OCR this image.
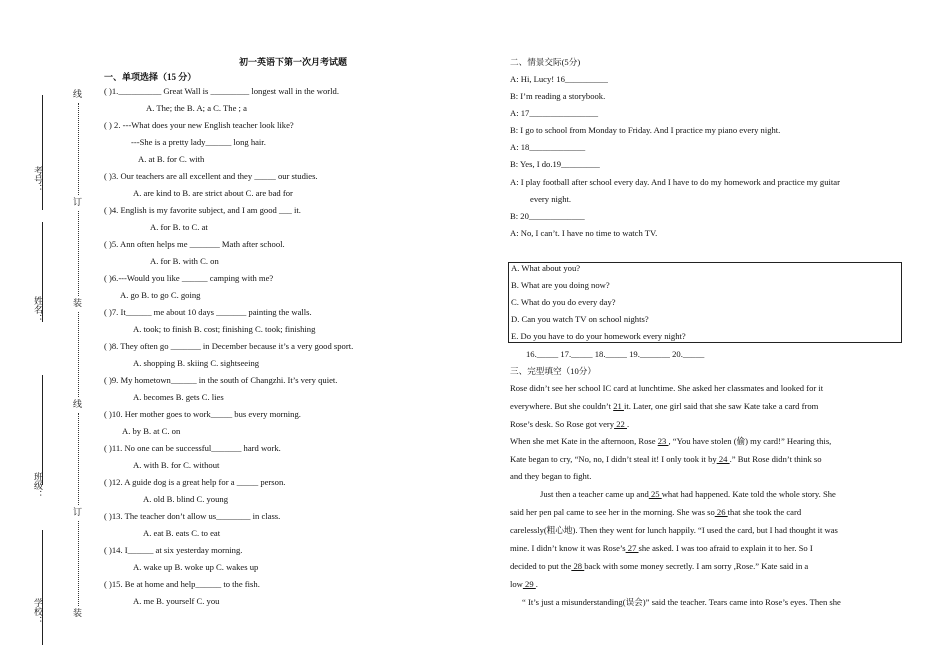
线
订
装
线
订
装
考号：
姓名：
班级：
学校：
初一英语下第一次月考试题
一、单项选择（15 分）
( )1.__________ Great Wall is _________ longest wall in the world.
A. The; the B. A; a C. The ; a
( ) 2. ---What does your new English teacher look like?
---She is a pretty lady______ long hair.
A. at B. for C. with
( )3. Our teachers are all excellent and they _____ our studies.
A. are kind to B. are strict about C. are bad for
( )4. English is my favorite subject, and I am good ___ it.
A. for B. to C. at
( )5. Ann often helps me _______ Math after school.
A. for B. with C. on
( )6.---Would you like ______ camping with me?
A. go B. to go C. going
( )7. It______ me about 10 days _______ painting the walls.
A. took; to finish B. cost; finishing C. took; finishing
( )8. They often go _______ in December because it’s a very good sport.
A. shopping B. skiing C. sightseeing
( )9. My hometown______ in the south of Changzhi. It’s very quiet.
A. becomes B. gets C. lies
( )10. Her mother goes to work_____ bus every morning.
A. by B. at C. on
( )11. No one can be successful_______ hard work.
A. with B. for C. without
( )12. A guide dog is a great help for a _____ person.
A. old B. blind C. young
( )13. The teacher don’t allow us________ in class.
A. eat B. eats C. to eat
( )14. I______ at six yesterday morning.
A. wake up B. woke up C. wakes up
( )15. Be at home and help______ to the fish.
A. me B. yourself C. you
二、情景交际(5分)
A: Hi, Lucy! 16__________
B: I’m reading a storybook.
A: 17________________
B: I go to school from Monday to Friday. And I practice my piano every night.
A: 18_____________
B: Yes, I do.19_________
A: I play football after school every day. And I have to do my homework and practice my guitar
every night.
B: 20_____________
A: No, I can’t. I have no time to watch TV.
A. What about you?
B. What are you doing now?
C. What do you do every day?
D. Can you watch TV on school nights?
E. Do you have to do your homework every night?
16._____ 17._____ 18._____ 19._______ 20._____
三、完型填空（10分）
Rose didn’t see her school IC card at lunchtime. She asked her classmates and looked for it
everywhere. But she couldn’t 21 it. Later, one girl said that she saw Kate take a card from
Rose’s desk. So Rose got very 22 .
When she met Kate in the afternoon, Rose 23 , “You have stolen (偷) my card!” Hearing this,
Kate began to cry, “No, no, I didn’t steal it! I only took it by 24 .” But Rose didn’t think so
and they began to fight.
Just then a teacher came up and 25 what had happened. Kate told the whole story. She
said her pen pal came to see her in the morning. She was so 26 that she took the card
carelessly(粗心地). Then they went for lunch happily. “I used the card, but I had thought it was
mine. I didn’t know it was Rose’s 27 she asked. I was too afraid to explain it to her. So I
decided to put the 28 back with some money secretly. I am sorry ,Rose.” Kate said in a
low 29 .
“ It’s just a misunderstanding(误会)” said the teacher. Tears came into Rose’s eyes. Then she
